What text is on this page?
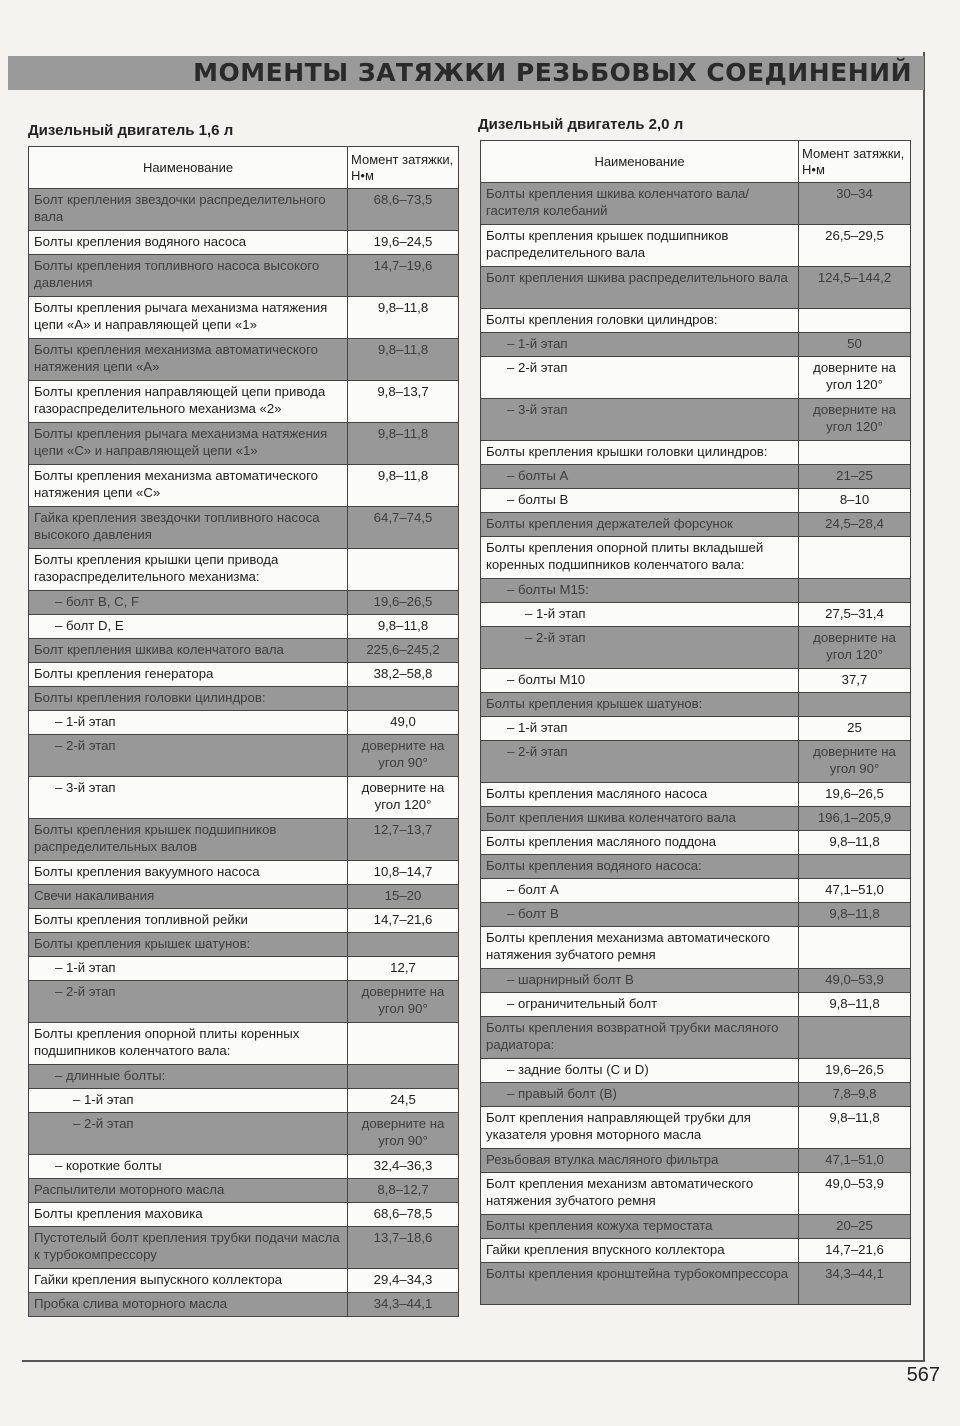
МОМЕНТЫ ЗАТЯЖКИ РЕЗЬБОВЫХ СОЕДИНЕНИЙ
Дизельный двигатель 1,6 л	Дизельный двигатель 2,0 л
Наименование	Момент затяжки, Н•м
Болт крепления звездочки распределительного вала	68,6–73,5
Болты крепления водяного насоса	19,6–24,5
Болты крепления топливного насоса высокого давления	14,7–19,6
Болты крепления рычага механизма натяжения цепи «А» и направляющей цепи «1»	9,8–11,8
Болты крепления механизма автоматического натяжения цепи «А»	9,8–11,8
Болты крепления направляющей цепи привода газораспределительного механизма «2»	9,8–13,7
Болты крепления рычага механизма натяжения цепи «С» и направляющей цепи «1»	9,8–11,8
Болты крепления механизма автоматического натяжения цепи «С»	9,8–11,8
Гайка крепления звездочки топливного насоса высокого давления	64,7–74,5
Болты крепления крышки цепи привода газораспределительного механизма:	
– болт B, C, F	19,6–26,5
– болт D, E	9,8–11,8
Болт крепления шкива коленчатого вала	225,6–245,2
Болты крепления генератора	38,2–58,8
Болты крепления головки цилиндров:	
– 1-й этап	49,0
– 2-й этап	доверните на угол 90°
– 3-й этап	доверните на угол 120°
Болты крепления крышек подшипников распределительных валов	12,7–13,7
Болты крепления вакуумного насоса	10,8–14,7
Свечи накаливания	15–20
Болты крепления топливной рейки	14,7–21,6
Болты крепления крышек шатунов:	
– 1-й этап	12,7
– 2-й этап	доверните на угол 90°
Болты крепления опорной плиты коренных подшипников коленчатого вала:	
– длинные болты:	
– 1-й этап	24,5
– 2-й этап	доверните на угол 90°
– короткие болты	32,4–36,3
Распылители моторного масла	8,8–12,7
Болты крепления маховика	68,6–78,5
Пустотелый болт крепления трубки подачи масла к турбокомпрессору	13,7–18,6
Гайки крепления выпускного коллектора	29,4–34,3
Пробка слива моторного масла	34,3–44,1
Наименование	Момент затяжки, Н•м
Болты крепления шкива коленчатого вала/гасителя колебаний	30–34
Болты крепления крышек подшипников распределительного вала	26,5–29,5
Болт крепления шкива распределительного вала	124,5–144,2
Болты крепления головки цилиндров:	
– 1-й этап	50
– 2-й этап	доверните на угол 120°
– 3-й этап	доверните на угол 120°
Болты крепления крышки головки цилиндров:	
– болты A	21–25
– болты B	8–10
Болты крепления держателей форсунок	24,5–28,4
Болты крепления опорной плиты вкладышей коренных подшипников коленчатого вала:	
– болты M15:	
– 1-й этап	27,5–31,4
– 2-й этап	доверните на угол 120°
– болты M10	37,7
Болты крепления крышек шатунов:	
– 1-й этап	25
– 2-й этап	доверните на угол 90°
Болты крепления масляного насоса	19,6–26,5
Болт крепления шкива коленчатого вала	196,1–205,9
Болты крепления масляного поддона	9,8–11,8
Болты крепления водяного насоса:	
– болт A	47,1–51,0
– болт B	9,8–11,8
Болты крепления механизма автоматического натяжения зубчатого ремня	
– шарнирный болт B	49,0–53,9
– ограничительный болт	9,8–11,8
Болты крепления возвратной трубки масляного радиатора:	
– задние болты (C и D)	19,6–26,5
– правый болт (B)	7,8–9,8
Болт крепления направляющей трубки для указателя уровня моторного масла	9,8–11,8
Резьбовая втулка масляного фильтра	47,1–51,0
Болт крепления механизм автоматического натяжения зубчатого ремня	49,0–53,9
Болты крепления кожуха термостата	20–25
Гайки крепления впускного коллектора	14,7–21,6
Болты крепления кронштейна турбокомпрессора	34,3–44,1
567
